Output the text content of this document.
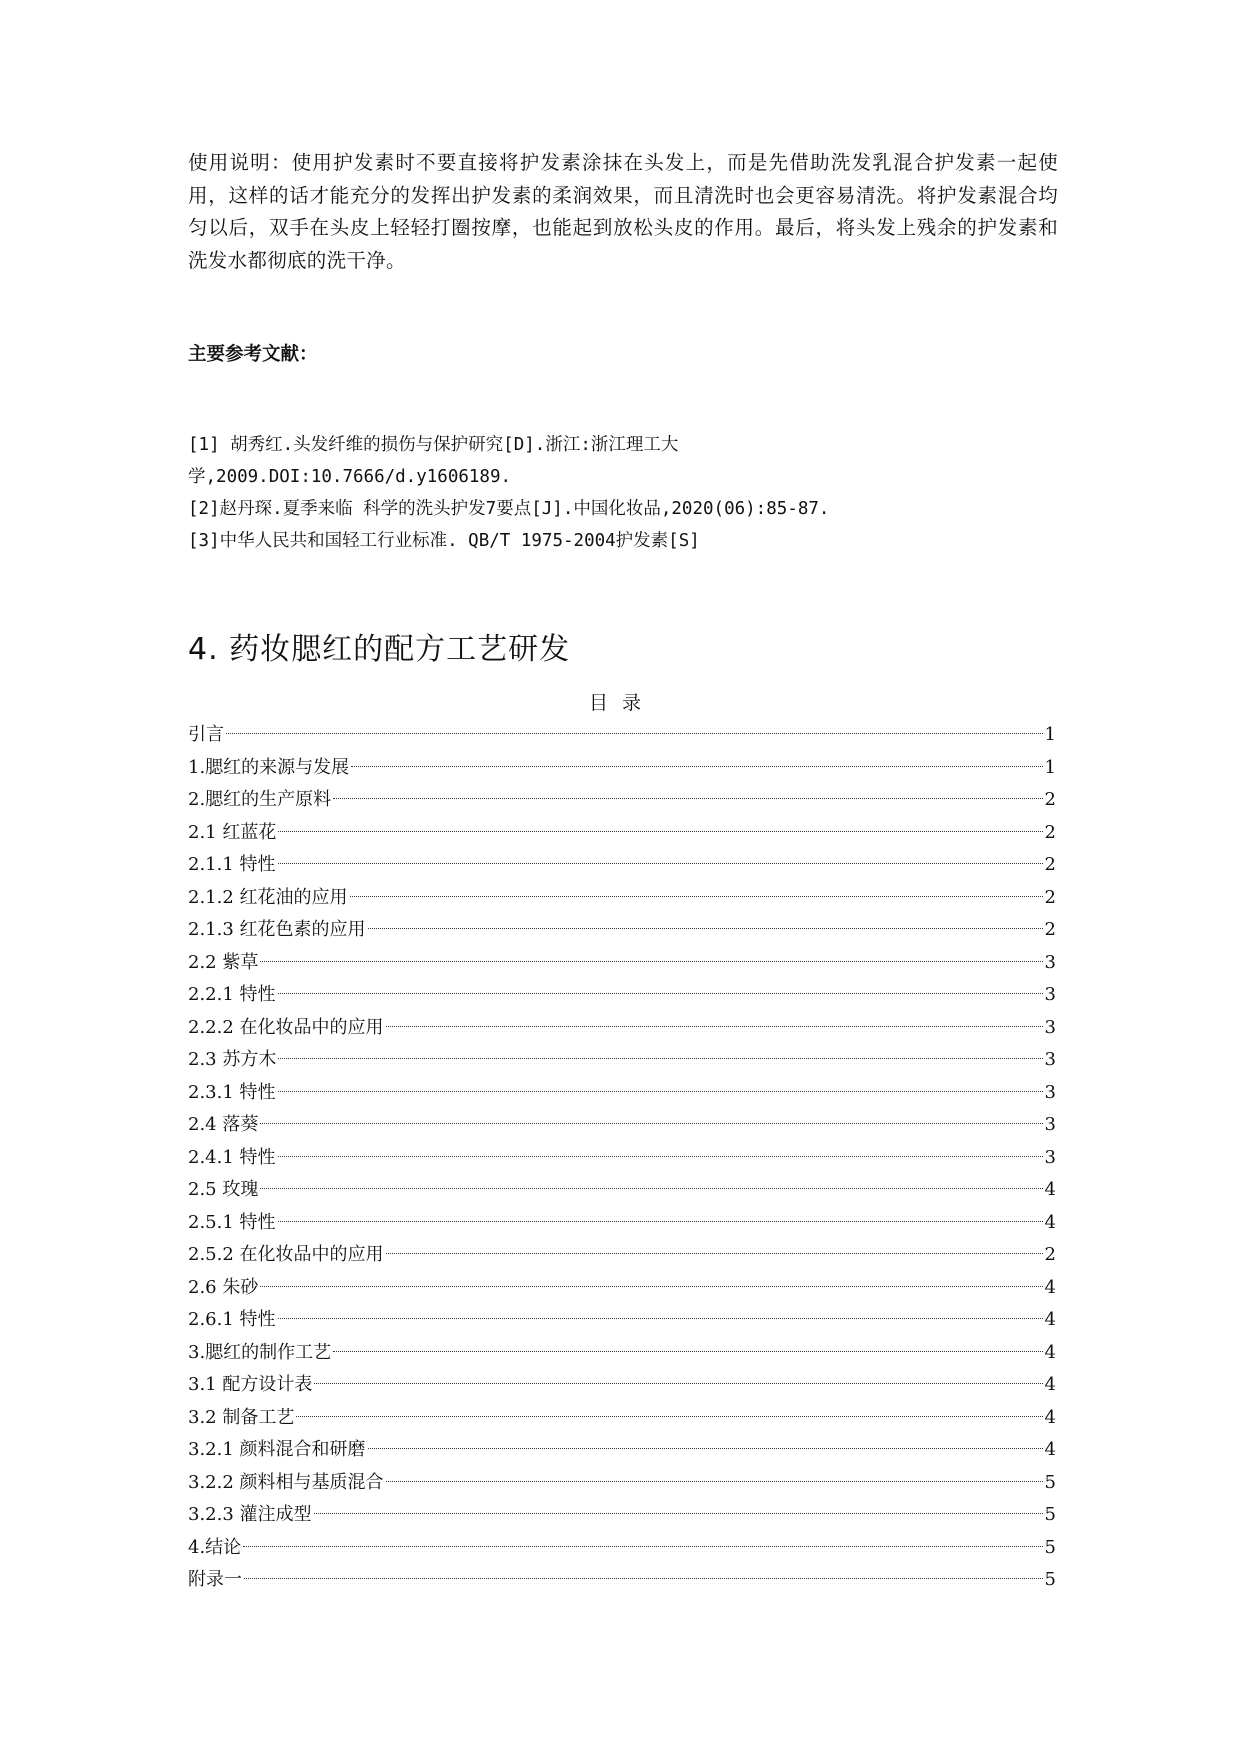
使用说明：使用护发素时不要直接将护发素涂抹在头发上，而是先借助洗发乳混合护发素一起使用，这样的话才能充分的发挥出护发素的柔润效果，而且清洗时也会更容易清洗。将护发素混合均匀以后，双手在头皮上轻轻打圈按摩，也能起到放松头皮的作用。最后，将头发上残余的护发素和洗发水都彻底的洗干净。

主要参考文献：
[1] 胡秀红.头发纤维的损伤与保护研究[D].浙江:浙江理工大
学,2009.DOI:10.7666/d.y1606189.
[2]赵丹琛.夏季来临 科学的洗头护发7要点[J].中国化妆品,2020(06):85-87.
[3]中华人民共和国轻工行业标准. QB/T 1975-2004护发素[S]
4. 药妆腮红的配方工艺研发
目录
引言	1
1.腮红的来源与发展	1
2.腮红的生产原料	2
2.1 红蓝花	2
2.1.1 特性	2
2.1.2 红花油的应用	2
2.1.3 红花色素的应用	2
2.2 紫草	3
2.2.1 特性	3
2.2.2 在化妆品中的应用	3
2.3 苏方木	3
2.3.1 特性	3
2.4 落葵	3
2.4.1 特性	3
2.5 玫瑰	4
2.5.1 特性	4
2.5.2 在化妆品中的应用	2
2.6 朱砂	4
2.6.1 特性	4
3.腮红的制作工艺	4
3.1 配方设计表	4
3.2 制备工艺	4
3.2.1 颜料混合和研磨	4
3.2.2 颜料相与基质混合	5
3.2.3 灌注成型	5
4.结论	5
附录一	5
